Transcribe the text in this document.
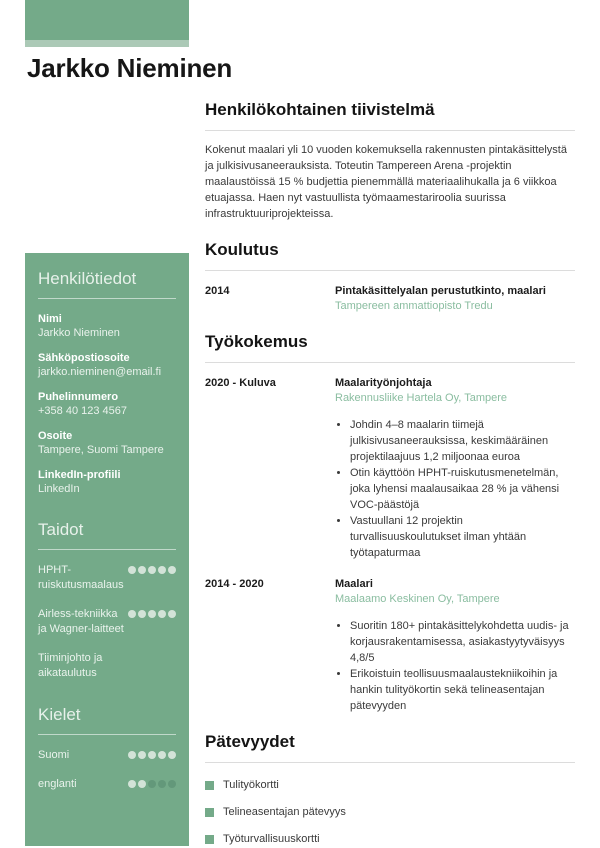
Jarkko Nieminen
Henkilötiedot
Nimi
Jarkko Nieminen
Sähköpostiosoite
jarkko.nieminen@email.fi
Puhelinnumero
+358 40 123 4567
Osoite
Tampere, Suomi Tampere
LinkedIn-profiili
LinkedIn
Taidot
HPHT-ruiskutusmaalaus
Airless-tekniikka ja Wagner-laitteet
Tiiminjohto ja aikataulutus
Kielet
Suomi
englanti
Henkilökohtainen tiivistelmä

Kokenut maalari yli 10 vuoden kokemuksella rakennusten pintakäsittelystä ja julkisivusaneerauksista. Toteutin Tampereen Arena -projektin maalaustöissä 15 % budjettia pienemmällä materiaalihukalla ja 6 viikkoa etuajassa. Haen nyt vastuullista työmaamestariroolia suurissa infrastruktuuriprojekteissa.

Koulutus
2014	Pintakäsittelyalan perustutkinto, maalari
Tampereen ammattiopisto Tredu
Työkokemus
2020 - Kuluva	Maalarityönjohtaja
Rakennusliike Hartela Oy, Tampere
• Johdin 4–8 maalarin tiimejä julkisivusaneerauksissa, keskimääräinen projektilaajuus 1,2 miljoonaa euroa
• Otin käyttöön HPHT-ruiskutusmenetelmän, joka lyhensi maalausaikaa 28 % ja vähensi VOC-päästöjä
• Vastuullani 12 projektin turvallisuuskoulutukset ilman yhtään työtapaturmaa
2014 - 2020	Maalari
Maalaamo Keskinen Oy, Tampere
• Suoritin 180+ pintakäsittelykohdetta uudis- ja korjausrakentamisessa, asiakastyytyväisyys 4,8/5
• Erikoistuin teollisuusmaalaustekniikoihin ja hankin tulityökortin sekä telineasentajan pätevyyden
Pätevyydet
Tulityökortti
Telineasentajan pätevyys
Työturvallisuuskortti
